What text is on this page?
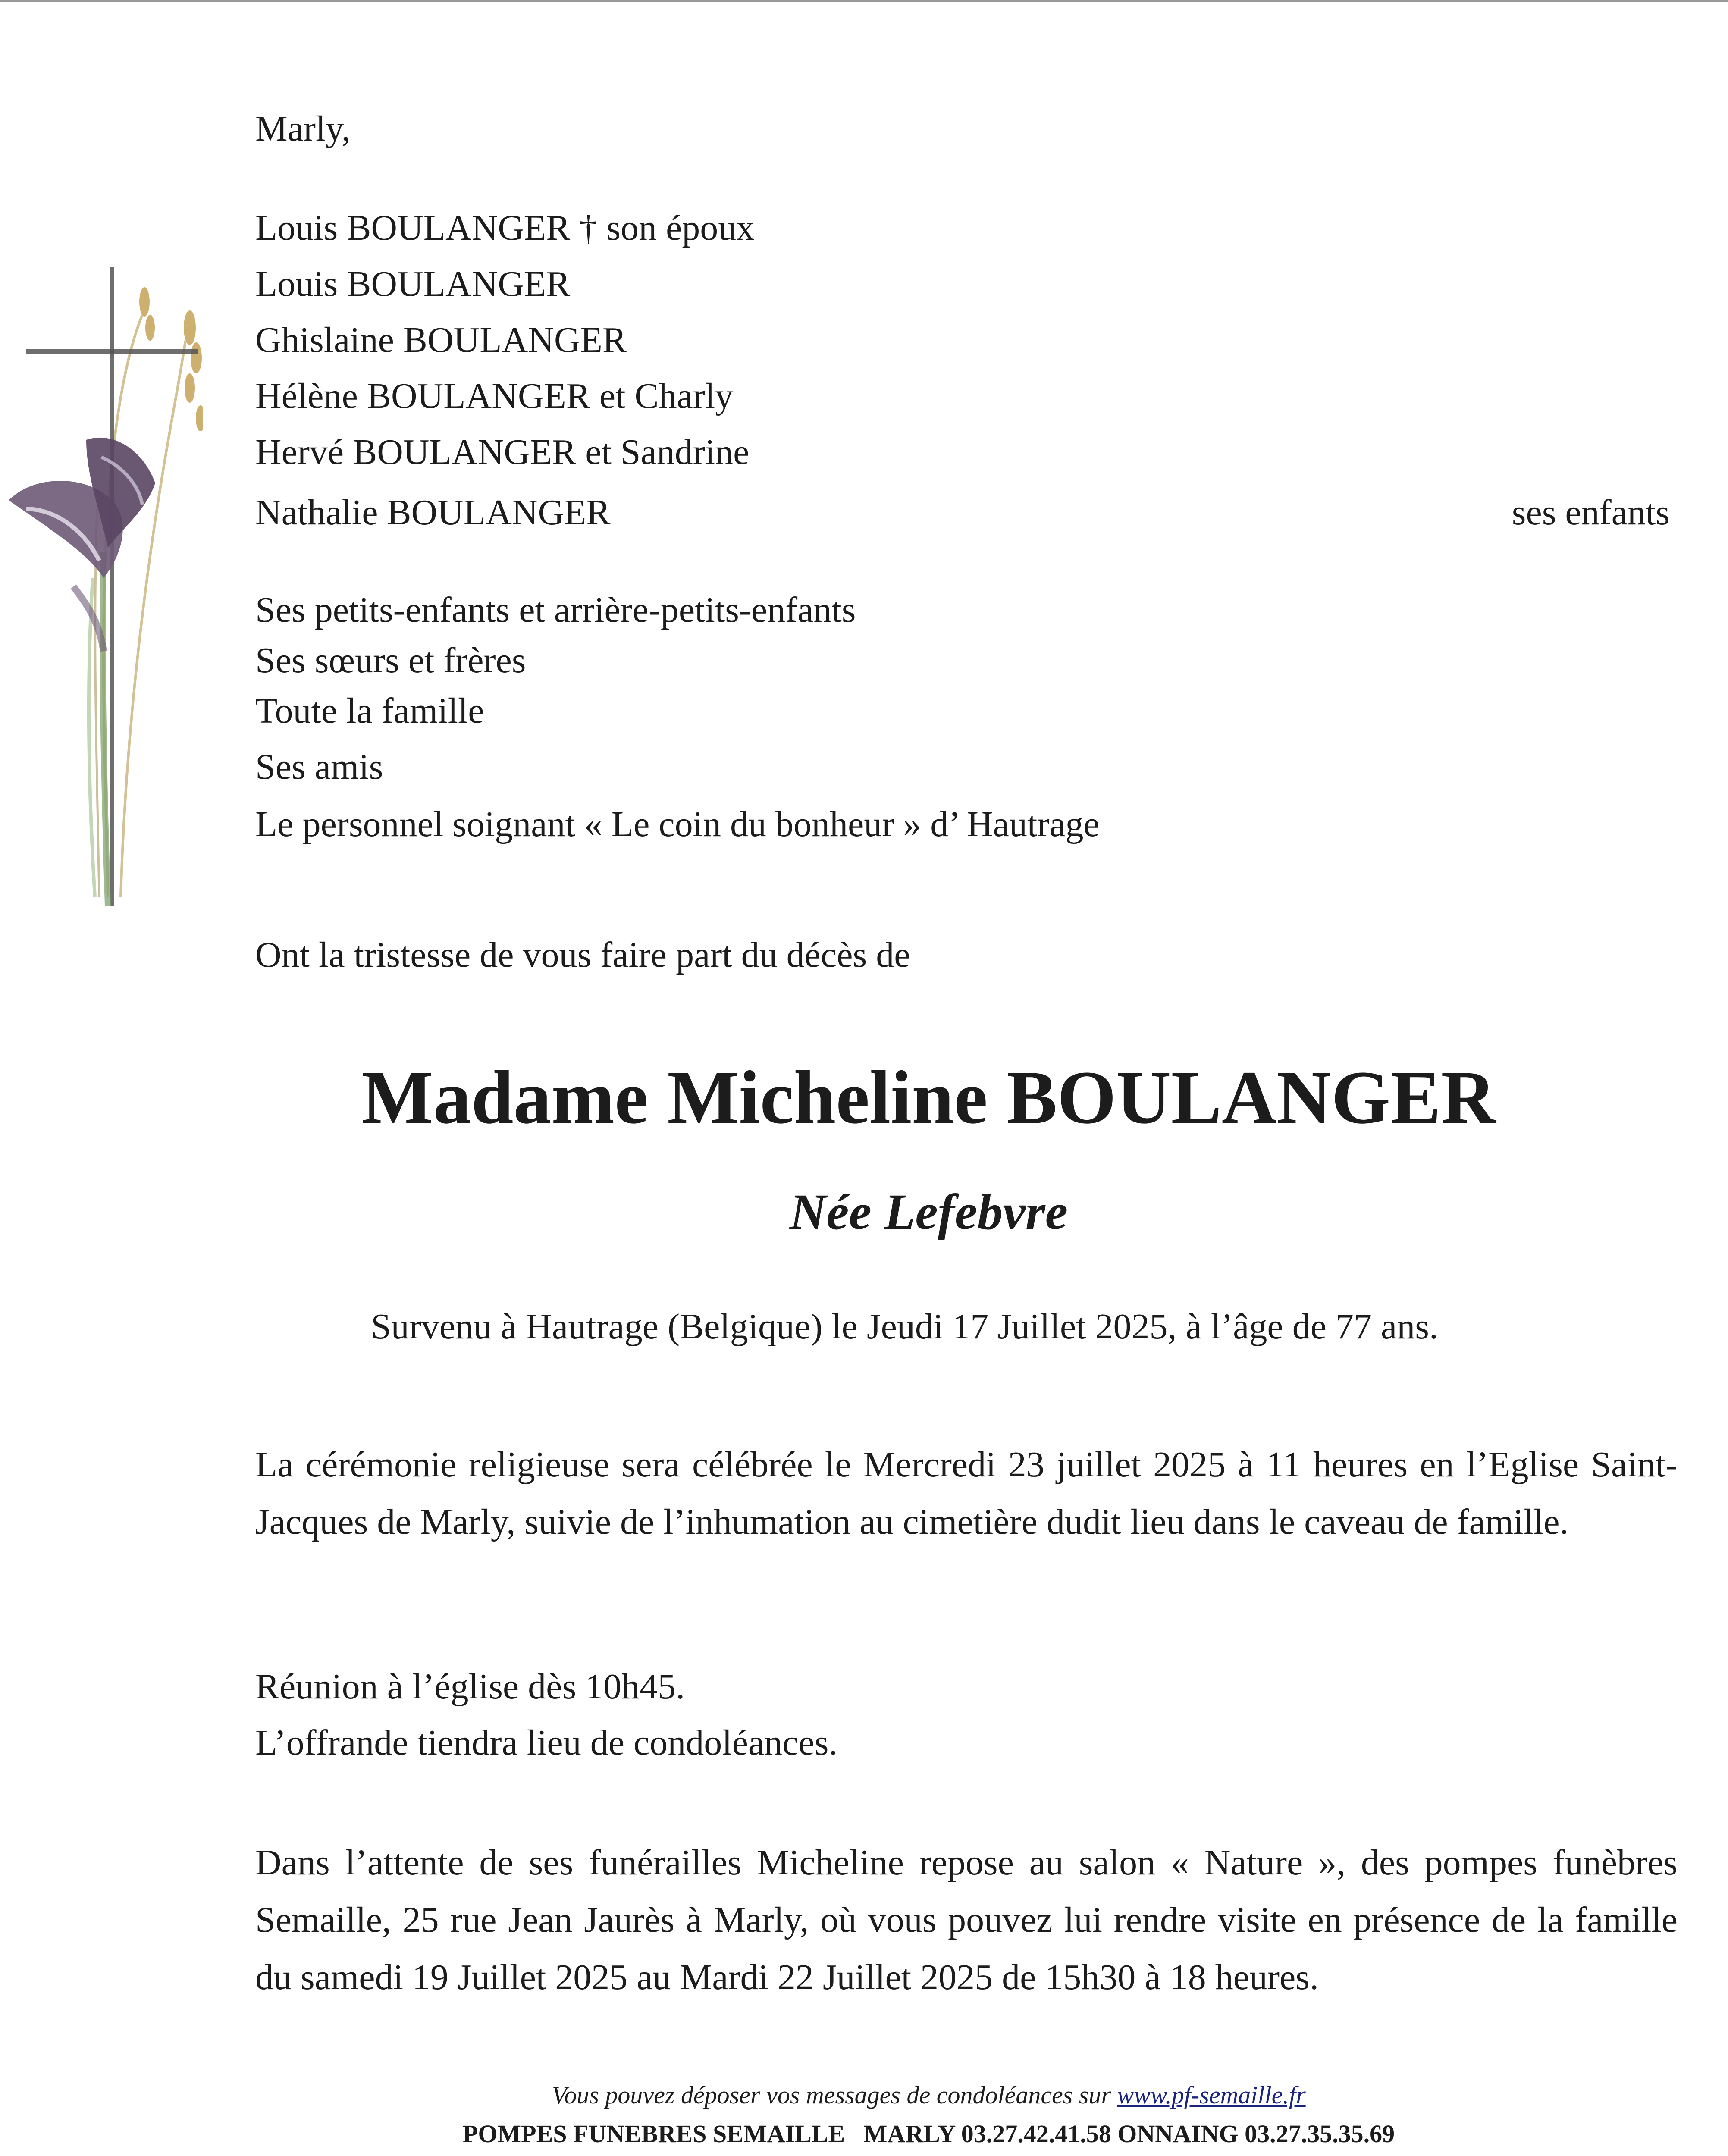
Marly,
Louis BOULANGER † son époux
Louis BOULANGER
Ghislaine BOULANGER
Hélène BOULANGER et Charly
Hervé BOULANGER et Sandrine
Nathalie BOULANGER	ses enfants
Ses petits-enfants et arrière-petits-enfants
Ses sœurs et frères
Toute la famille
Ses amis
Le personnel soignant « Le coin du bonheur » d’ Hautrage
Ont la tristesse de vous faire part du décès de
Madame Micheline BOULANGER
Née Lefebvre
Survenu à Hautrage (Belgique) le Jeudi 17 Juillet 2025, à l’âge de 77 ans.
La cérémonie religieuse sera célébrée le Mercredi 23 juillet 2025 à 11 heures en l’Eglise Saint-Jacques de Marly, suivie de l’inhumation au cimetière dudit lieu dans le caveau de famille.
Réunion à l’église dès 10h45.
L’offrande tiendra lieu de condoléances.
Dans l’attente de ses funérailles Micheline repose au salon « Nature », des pompes funèbres Semaille, 25 rue Jean Jaurès à Marly, où vous pouvez lui rendre visite en présence de la famille du samedi 19 Juillet 2025 au Mardi 22 Juillet 2025 de 15h30 à 18 heures.
Vous pouvez déposer vos messages de condoléances sur www.pf-semaille.fr
POMPES FUNEBRES SEMAILLE MARLY 03.27.42.41.58 ONNAING 03.27.35.35.69
